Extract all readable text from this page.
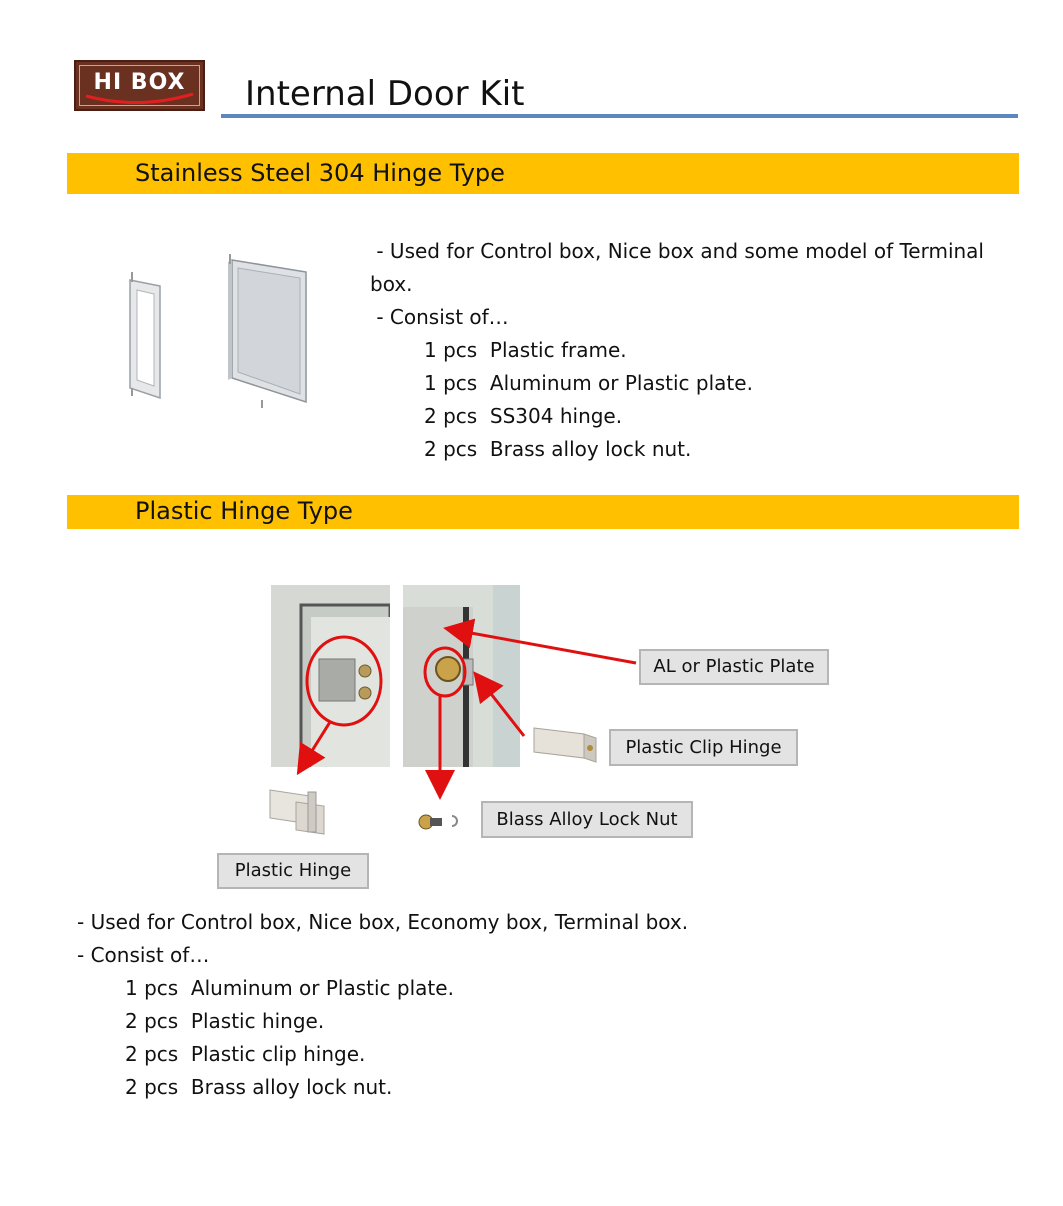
HI BOX	Internal Door Kit
Stainless Steel 304 Hinge Type
- Used for Control box, Nice box and some model of Terminal
box.
- Consist of…
1 pcs  Plastic frame.
1 pcs  Aluminum or Plastic plate.
2 pcs  SS304 hinge.
2 pcs  Brass alloy lock nut.
Plastic Hinge Type
AL or Plastic Plate
Plastic Clip Hinge
Blass Alloy Lock Nut
Plastic Hinge
- Used for Control box, Nice box, Economy box, Terminal box.
- Consist of…
1 pcs  Aluminum or Plastic plate.
2 pcs  Plastic hinge.
2 pcs  Plastic clip hinge.
2 pcs  Brass alloy lock nut.
